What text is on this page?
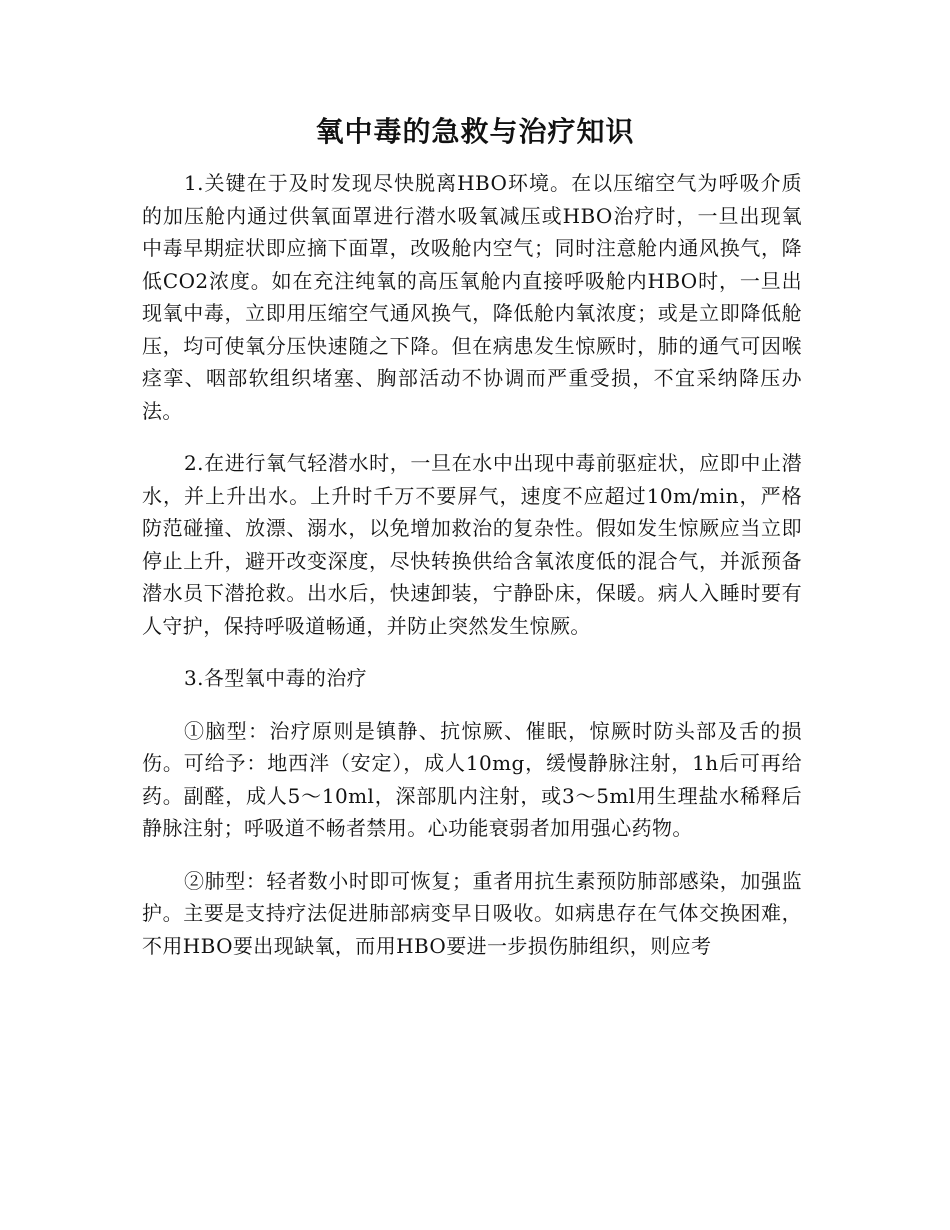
氧中毒的急救与治疗知识

1.关键在于及时发现尽快脱离HBO环境。在以压缩空气为呼吸介质的加压舱内通过供氧面罩进行潜水吸氧减压或HBO治疗时，一旦出现氧中毒早期症状即应摘下面罩，改吸舱内空气；同时注意舱内通风换气，降低CO2浓度。如在充注纯氧的高压氧舱内直接呼吸舱内HBO时，一旦出现氧中毒，立即用压缩空气通风换气，降低舱内氧浓度；或是立即降低舱压，均可使氧分压快速随之下降。但在病患发生惊厥时，肺的通气可因喉痉挛、咽部软组织堵塞、胸部活动不协调而严重受损，不宜采纳降压办法。

2.在进行氧气轻潜水时，一旦在水中出现中毒前驱症状，应即中止潜水，并上升出水。上升时千万不要屏气，速度不应超过10m/min，严格防范碰撞、放漂、溺水，以免增加救治的复杂性。假如发生惊厥应当立即停止上升，避开改变深度，尽快转换供给含氧浓度低的混合气，并派预备潜水员下潜抢救。出水后，快速卸装，宁静卧床，保暖。病人入睡时要有人守护，保持呼吸道畅通，并防止突然发生惊厥。

3.各型氧中毒的治疗

①脑型：治疗原则是镇静、抗惊厥、催眠，惊厥时防头部及舌的损伤。可给予：地西泮（安定），成人10mg，缓慢静脉注射，1h后可再给药。副醛，成人5～10ml，深部肌内注射，或3～5ml用生理盐水稀释后静脉注射；呼吸道不畅者禁用。心功能衰弱者加用强心药物。

②肺型：轻者数小时即可恢复；重者用抗生素预防肺部感染，加强监护。主要是支持疗法促进肺部病变早日吸收。如病患存在气体交换困难，不用HBO要出现缺氧，而用HBO要进一步损伤肺组织，则应考
